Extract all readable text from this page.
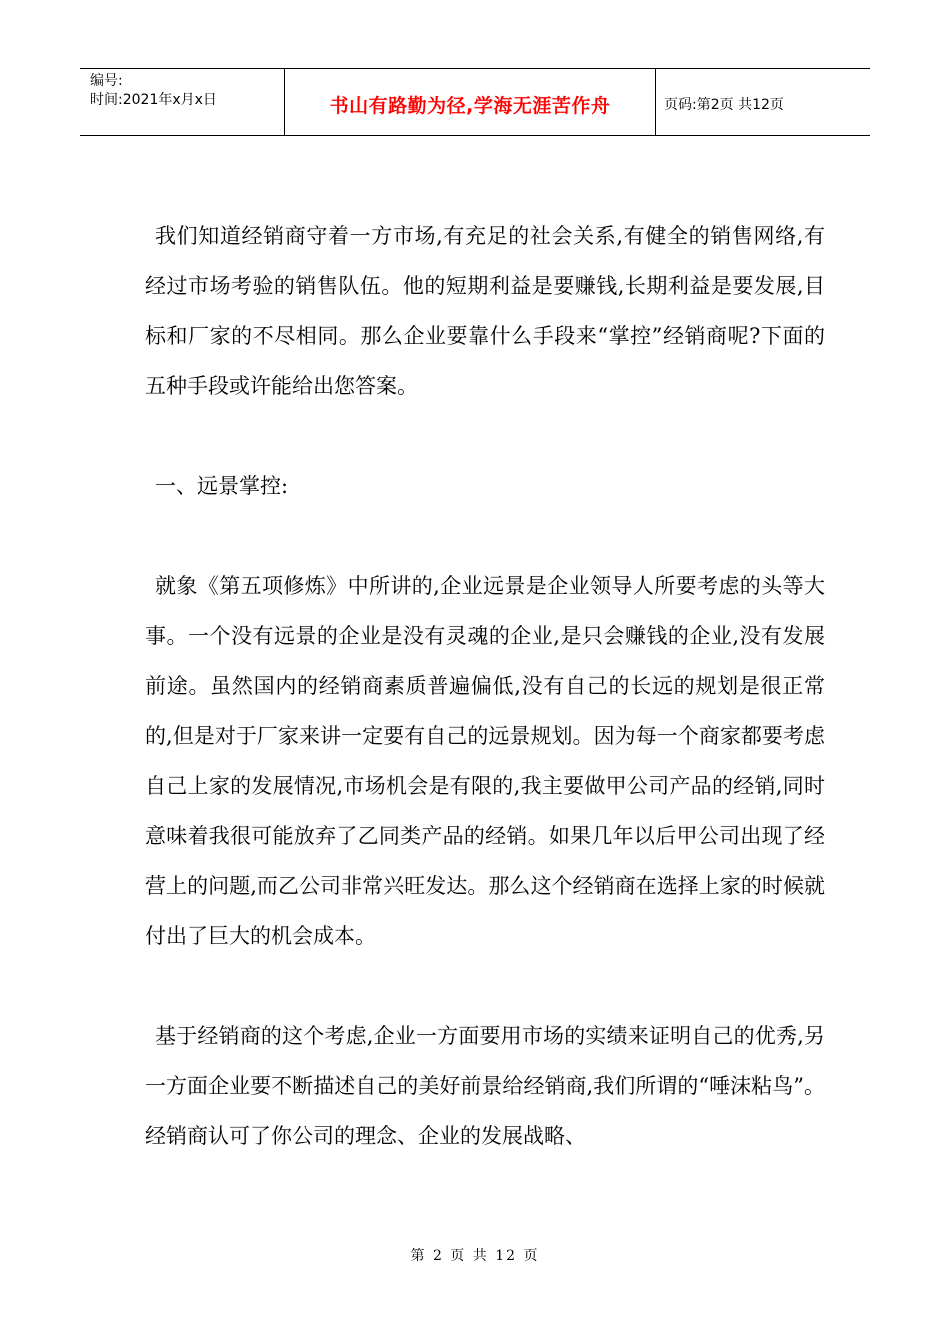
编号:
时间:2021年x月x日	书山有路勤为径,学海无涯苦作舟	页码:第2页 共12页

我们知道经销商守着一方市场,有充足的社会关系,有健全的销售网络,有经过市场考验的销售队伍。他的短期利益是要赚钱,长期利益是要发展,目标和厂家的不尽相同。那么企业要靠什么手段来“掌控”经销商呢?下面的五种手段或许能给出您答案。

一、远景掌控:

就象《第五项修炼》中所讲的,企业远景是企业领导人所要考虑的头等大事。一个没有远景的企业是没有灵魂的企业,是只会赚钱的企业,没有发展前途。虽然国内的经销商素质普遍偏低,没有自己的长远的规划是很正常的,但是对于厂家来讲一定要有自己的远景规划。因为每一个商家都要考虑自己上家的发展情况,市场机会是有限的,我主要做甲公司产品的经销,同时意味着我很可能放弃了乙同类产品的经销。如果几年以后甲公司出现了经营上的问题,而乙公司非常兴旺发达。那么这个经销商在选择上家的时候就付出了巨大的机会成本。

基于经销商的这个考虑,企业一方面要用市场的实绩来证明自己的优秀,另一方面企业要不断描述自己的美好前景给经销商,我们所谓的“唾沫粘鸟”。经销商认可了你公司的理念、企业的发展战略、

第 2 页 共 12 页
